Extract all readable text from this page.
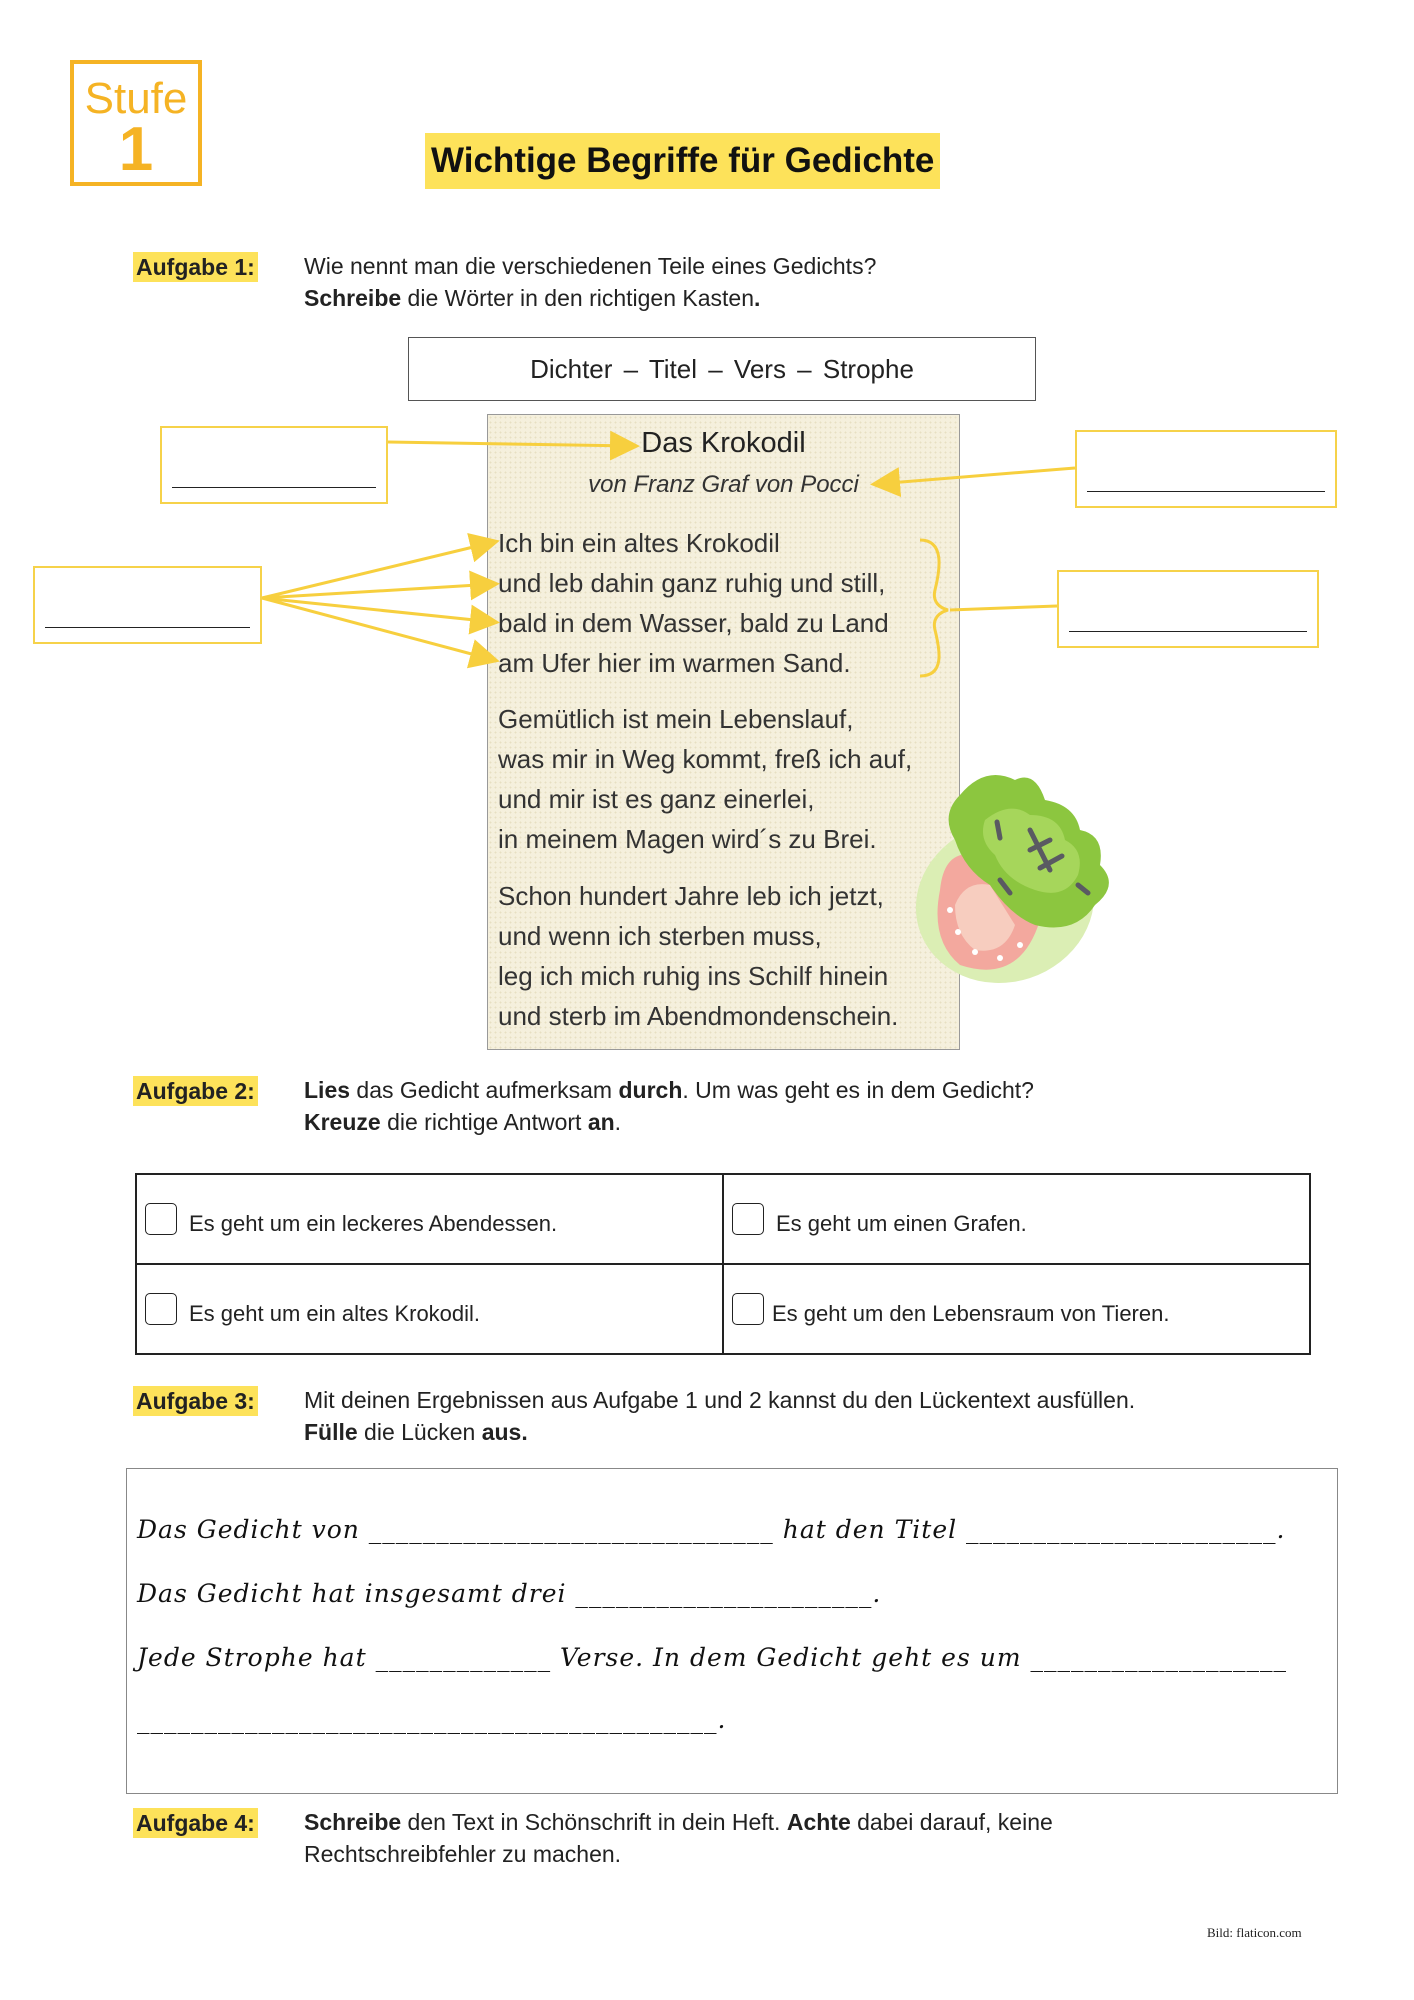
Stufe
1	Wichtige Begriffe für Gedichte
Aufgabe 1: Wie nennt man die verschiedenen Teile eines Gedichts?
Schreibe die Wörter in den richtigen Kasten.
Dichter – Titel – Vers – Strophe
Das Krokodil
von Franz Graf von Pocci
Ich bin ein altes Krokodil
und leb dahin ganz ruhig und still,
bald in dem Wasser, bald zu Land
am Ufer hier im warmen Sand.
Gemütlich ist mein Lebenslauf,
was mir in Weg kommt, freß ich auf,
und mir ist es ganz einerlei,
in meinem Magen wird´s zu Brei.
Schon hundert Jahre leb ich jetzt,
und wenn ich sterben muss,
leg ich mich ruhig ins Schilf hinein
und sterb im Abendmondenschein.
Aufgabe 2: Lies das Gedicht aufmerksam durch. Um was geht es in dem Gedicht?
Kreuze die richtige Antwort an.
Es geht um ein leckeres Abendessen.	Es geht um einen Grafen.
Es geht um ein altes Krokodil.	Es geht um den Lebensraum von Tieren.
Aufgabe 3: Mit deinen Ergebnissen aus Aufgabe 1 und 2 kannst du den Lückentext ausfüllen.
Fülle die Lücken aus.
Das Gedicht von ______________________________ hat den Titel _______________________.
Das Gedicht hat insgesamt drei ______________________.
Jede Strophe hat _____________ Verse. In dem Gedicht geht es um ___________________
___________________________________________.
Aufgabe 4: Schreibe den Text in Schönschrift in dein Heft. Achte dabei darauf, keine
Rechtschreibfehler zu machen.
Bild: flaticon.com
